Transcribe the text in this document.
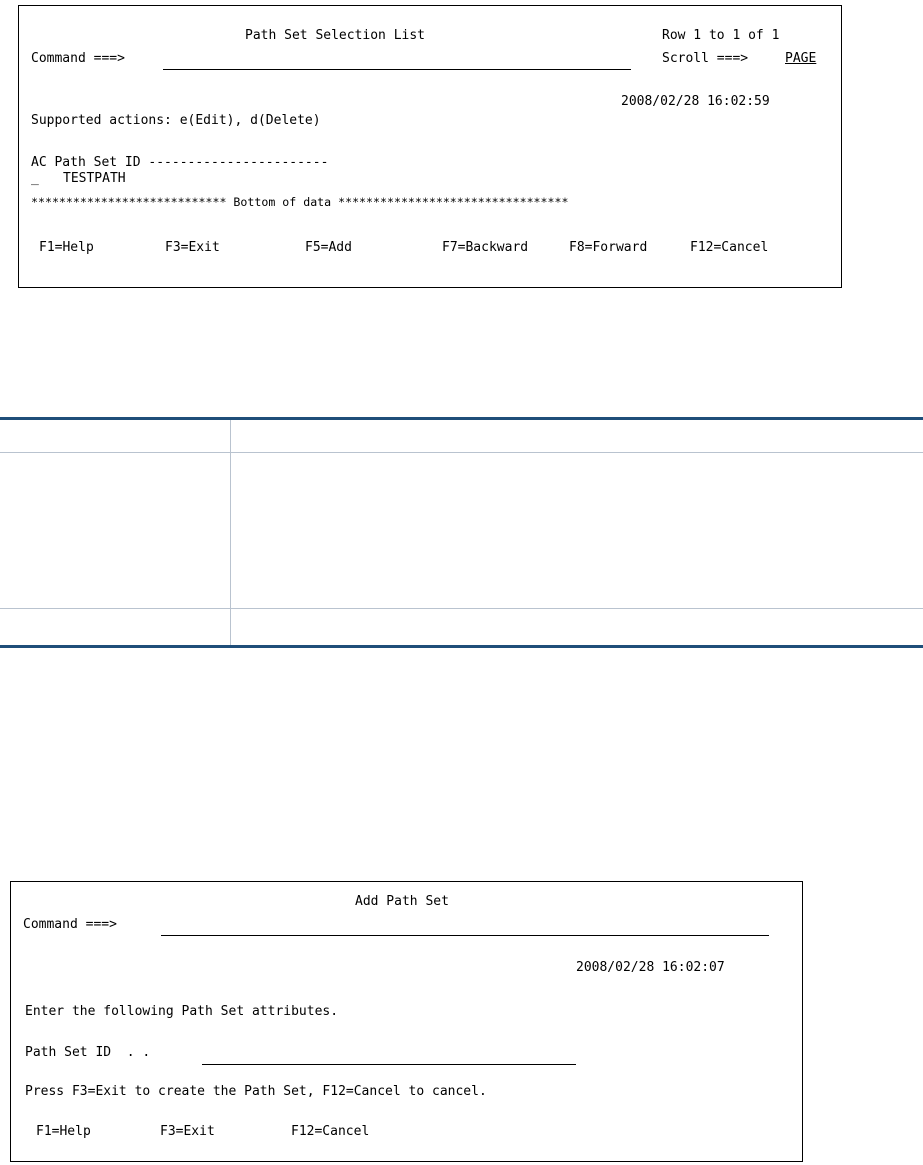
Path Set Selection List	Row 1 to 1 of 1
Command ===>	Scroll ===>	PAGE
2008/02/28 16:02:59
Supported actions: e(Edit), d(Delete)
AC Path Set ID -----------------------
_ TESTPATH
**************************** Bottom of data *********************************
F1=Help	F3=Exit	F5=Add	F7=Backward	F8=Forward	F12=Cancel
Add Path Set
Command ===>
2008/02/28 16:02:07
Enter the following Path Set attributes.
Path Set ID  . .
Press F3=Exit to create the Path Set, F12=Cancel to cancel.
F1=Help	F3=Exit	F12=Cancel
